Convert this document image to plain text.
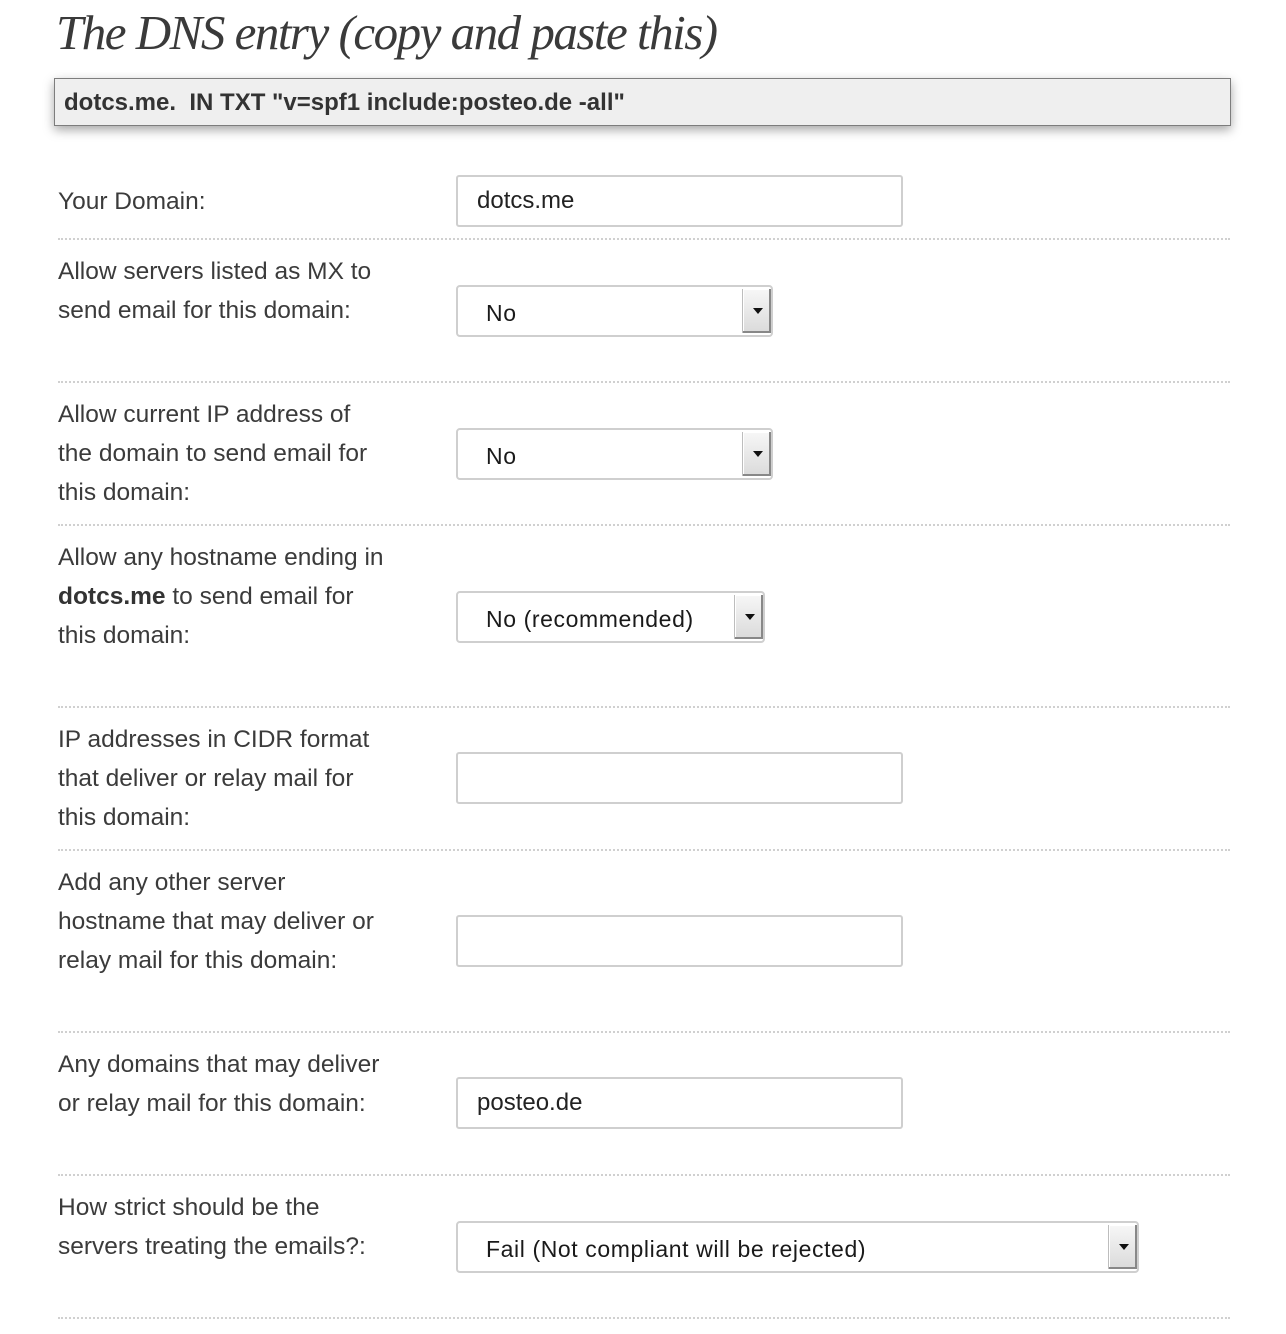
The DNS entry (copy and paste this)
dotcs.me.  IN TXT "v=spf1 include:posteo.de -all"
Your Domain:	dotcs.me
Allow servers listed as MX to send email for this domain:	No
Allow current IP address of the domain to send email for this domain:
No
Allow any hostname ending in dotcs.me to send email for this domain:
No (recommended)
IP addresses in CIDR format that deliver or relay mail for this domain:
Add any other server hostname that may deliver or relay mail for this domain:
Any domains that may deliver or relay mail for this domain:	posteo.de
How strict should be the servers treating the emails?:	Fail (Not compliant will be rejected)
